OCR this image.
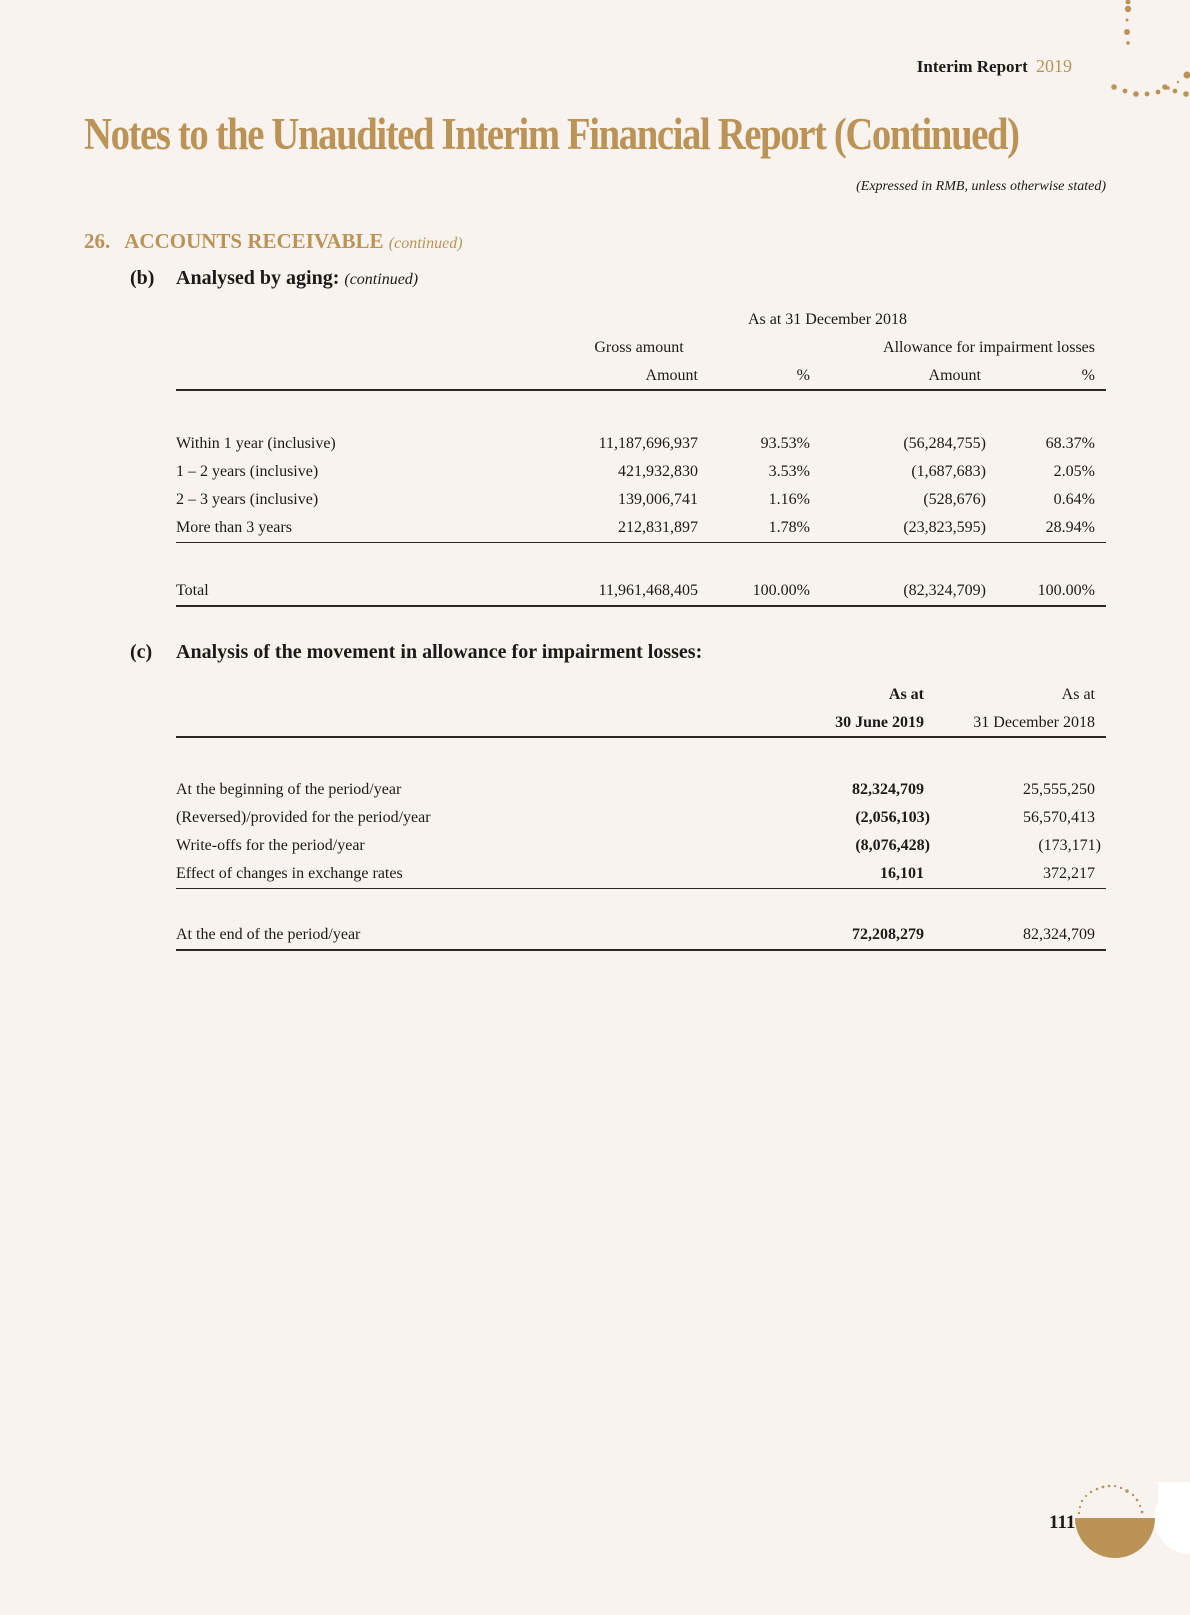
Interim Report 2019
Notes to the Unaudited Interim Financial Report (Continued)
(Expressed in RMB, unless otherwise stated)
26. ACCOUNTS RECEIVABLE (continued)
(b) Analysed by aging: (continued)
	As at 31 December 2018				
	Gross amount		Allowance for impairment losses		
	Amount	%	Amount	%	

Within 1 year (inclusive)	11,187,696,937	93.53%	(56,284,755)	68.37%	
1 – 2 years (inclusive)	421,932,830	3.53%	(1,687,683)	2.05%	
2 – 3 years (inclusive)	139,006,741	1.16%	(528,676)	0.64%	
More than 3 years	212,831,897	1.78%	(23,823,595)	28.94%	

Total	11,961,468,405	100.00%	(82,324,709)	100.00%	
(c) Analysis of the movement in allowance for impairment losses:
	As at		As at	
	30 June 2019		31 December 2018	

At the beginning of the period/year	82,324,709		25,555,250	
(Reversed)/provided for the period/year	(2,056,103)		56,570,413	
Write-offs for the period/year	(8,076,428)		(173,171)	
Effect of changes in exchange rates	16,101		372,217	

At the end of the period/year	72,208,279		82,324,709	
111
